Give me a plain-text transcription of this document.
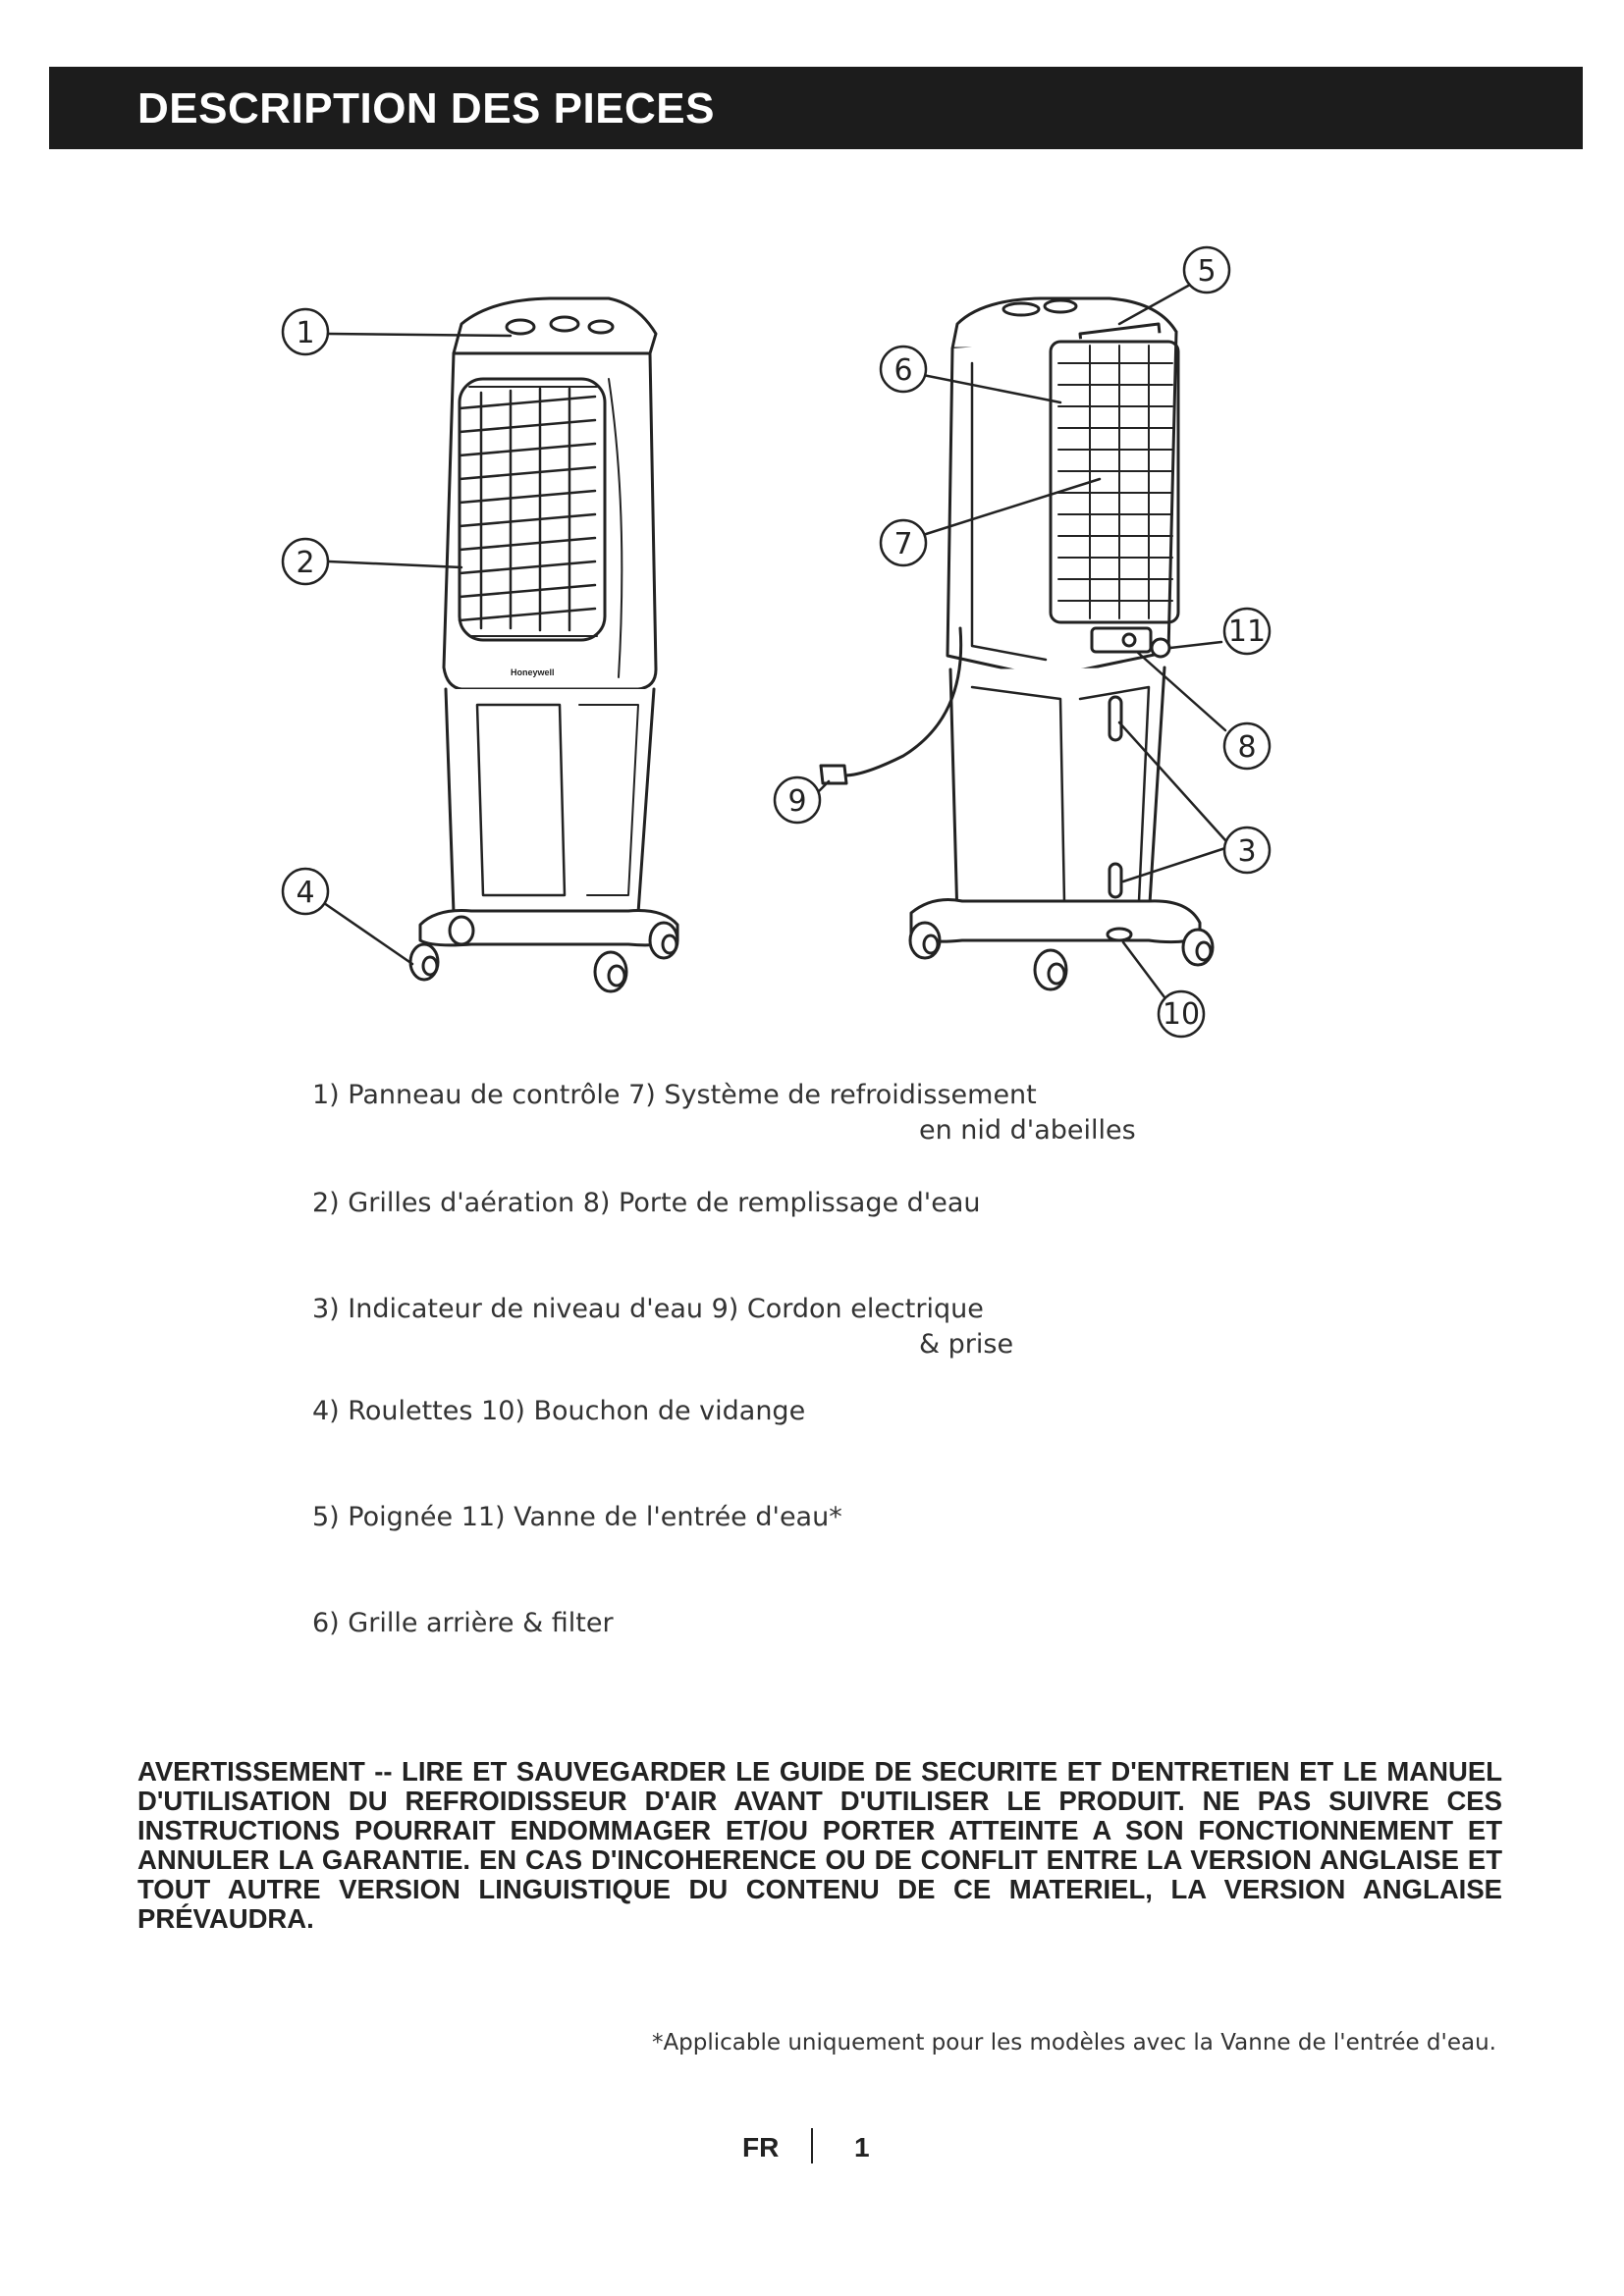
DESCRIPTION DES PIECES
Honeywell
1
2
3
4
5
6
7
8
9
10
11
1) Panneau de contrôle 7) Système de refroidissement
en nid d'abeilles
2) Grilles d'aération 8) Porte de remplissage d'eau
3) Indicateur de niveau d'eau 9) Cordon electrique
& prise
4) Roulettes 10) Bouchon de vidange
5) Poignée 11) Vanne de l'entrée d'eau*
6) Grille arrière & filter

AVERTISSEMENT -- LIRE ET SAUVEGARDER LE GUIDE DE SECURITE ET D'ENTRETIEN ET LE MANUEL D'UTILISATION DU REFROIDISSEUR D'AIR AVANT D'UTILISER LE PRODUIT. NE PAS SUIVRE CES INSTRUCTIONS POURRAIT ENDOMMAGER ET/OU PORTER ATTEINTE A SON FONCTIONNEMENT ET ANNULER LA GARANTIE. EN CAS D'INCOHERENCE OU DE CONFLIT ENTRE LA VERSION ANGLAISE ET TOUT AUTRE VERSION LINGUISTIQUE DU CONTENU DE CE MATERIEL, LA VERSION ANGLAISE PRÉVAUDRA.

*Applicable uniquement pour les modèles avec la Vanne de l'entrée d'eau.

FR	1
